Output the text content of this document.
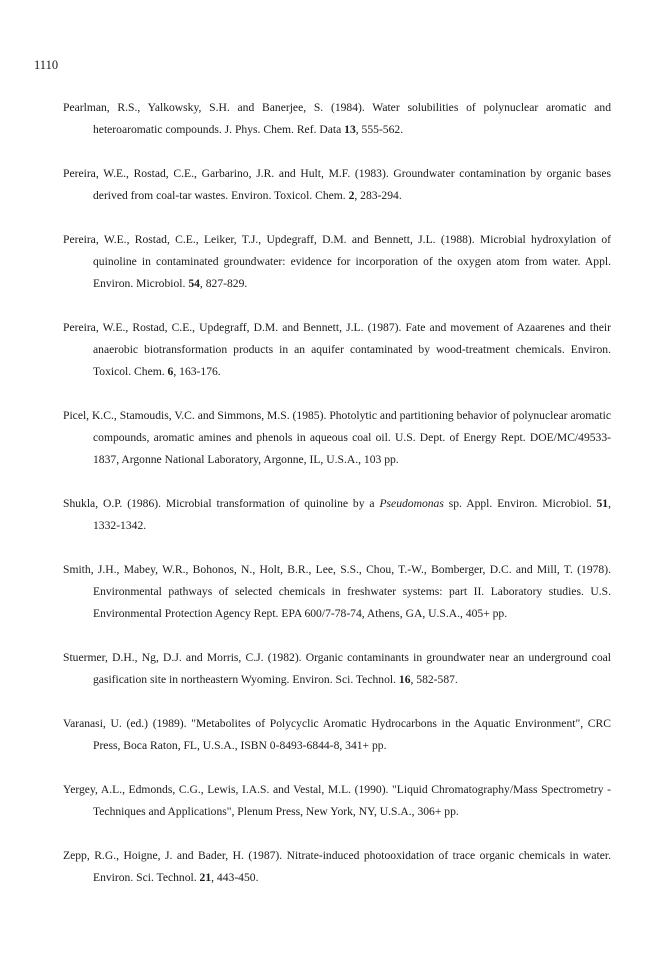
1110

Pearlman, R.S., Yalkowsky, S.H. and Banerjee, S. (1984). Water solubilities of polynuclear aromatic and heteroaromatic compounds. J. Phys. Chem. Ref. Data 13, 555-562.

Pereira, W.E., Rostad, C.E., Garbarino, J.R. and Hult, M.F. (1983). Groundwater contamination by organic bases derived from coal-tar wastes. Environ. Toxicol. Chem. 2, 283-294.

Pereira, W.E., Rostad, C.E., Leiker, T.J., Updegraff, D.M. and Bennett, J.L. (1988). Microbial hydroxylation of quinoline in contaminated groundwater: evidence for incorporation of the oxygen atom from water. Appl. Environ. Microbiol. 54, 827-829.

Pereira, W.E., Rostad, C.E., Updegraff, D.M. and Bennett, J.L. (1987). Fate and movement of Azaarenes and their anaerobic biotransformation products in an aquifer contaminated by wood-treatment chemicals. Environ. Toxicol. Chem. 6, 163-176.

Picel, K.C., Stamoudis, V.C. and Simmons, M.S. (1985). Photolytic and partitioning behavior of polynuclear aromatic compounds, aromatic amines and phenols in aqueous coal oil. U.S. Dept. of Energy Rept. DOE/MC/49533-1837, Argonne National Laboratory, Argonne, IL, U.S.A., 103 pp.

Shukla, O.P. (1986). Microbial transformation of quinoline by a Pseudomonas sp. Appl. Environ. Microbiol. 51, 1332-1342.

Smith, J.H., Mabey, W.R., Bohonos, N., Holt, B.R., Lee, S.S., Chou, T.-W., Bomberger, D.C. and Mill, T. (1978). Environmental pathways of selected chemicals in freshwater systems: part II. Laboratory studies. U.S. Environmental Protection Agency Rept. EPA 600/7-78-74, Athens, GA, U.S.A., 405+ pp.

Stuermer, D.H., Ng, D.J. and Morris, C.J. (1982). Organic contaminants in groundwater near an underground coal gasification site in northeastern Wyoming. Environ. Sci. Technol. 16, 582-587.

Varanasi, U. (ed.) (1989). "Metabolites of Polycyclic Aromatic Hydrocarbons in the Aquatic Environment", CRC Press, Boca Raton, FL, U.S.A., ISBN 0-8493-6844-8, 341+ pp.

Yergey, A.L., Edmonds, C.G., Lewis, I.A.S. and Vestal, M.L. (1990). "Liquid Chromatography/Mass Spectrometry - Techniques and Applications", Plenum Press, New York, NY, U.S.A., 306+ pp.

Zepp, R.G., Hoigne, J. and Bader, H. (1987). Nitrate-induced photooxidation of trace organic chemicals in water. Environ. Sci. Technol. 21, 443-450.
